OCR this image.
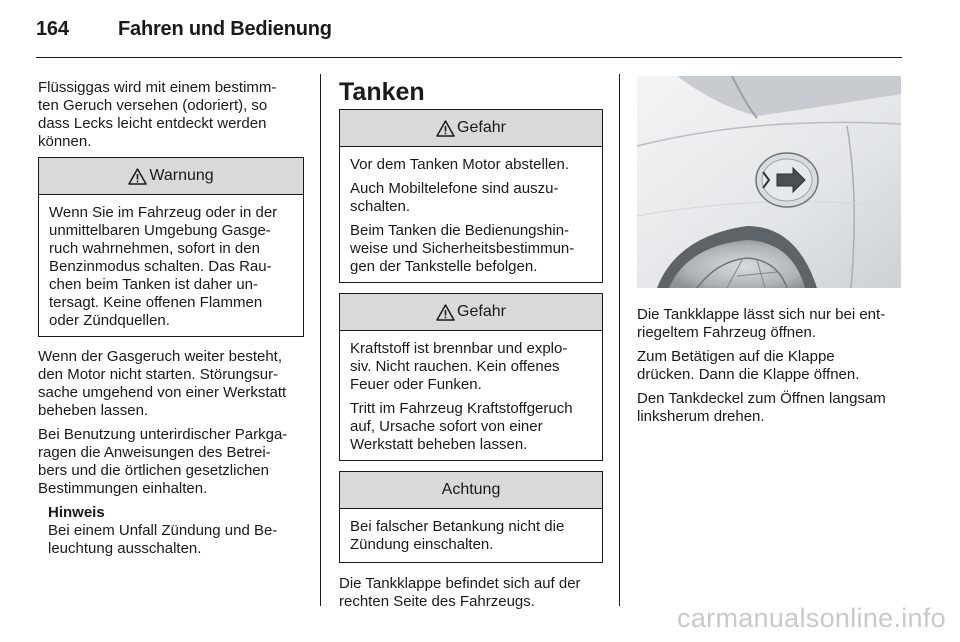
164 Fahren und Bedienung

Flüssiggas wird mit einem bestimm-
ten Geruch versehen (odoriert), so
dass Lecks leicht entdeckt werden
können.

Warnung
Wenn Sie im Fahrzeug oder in der
unmittelbaren Umgebung Gasge-
ruch wahrnehmen, sofort in den
Benzinmodus schalten. Das Rau-
chen beim Tanken ist daher un-
tersagt. Keine offenen Flammen
oder Zündquellen.

Wenn der Gasgeruch weiter besteht,
den Motor nicht starten. Störungsur-
sache umgehend von einer Werkstatt
beheben lassen.

Bei Benutzung unterirdischer Parkga-
ragen die Anweisungen des Betrei-
bers und die örtlichen gesetzlichen
Bestimmungen einhalten.

Hinweis
Bei einem Unfall Zündung und Be-
leuchtung ausschalten.
Tanken
Gefahr

Vor dem Tanken Motor abstellen.

Auch Mobiltelefone sind auszu-
schalten.

Beim Tanken die Bedienungshin-
weise und Sicherheitsbestimmun-
gen der Tankstelle befolgen.

Gefahr

Kraftstoff ist brennbar und explo-
siv. Nicht rauchen. Kein offenes
Feuer oder Funken.

Tritt im Fahrzeug Kraftstoffgeruch
auf, Ursache sofort von einer
Werkstatt beheben lassen.

Achtung
Bei falscher Betankung nicht die
Zündung einschalten.

Die Tankklappe befindet sich auf der
rechten Seite des Fahrzeugs.

Die Tankklappe lässt sich nur bei ent-
riegeltem Fahrzeug öffnen.

Zum Betätigen auf die Klappe
drücken. Dann die Klappe öffnen.

Den Tankdeckel zum Öffnen langsam
linksherum drehen.

carmanualsonline.info
